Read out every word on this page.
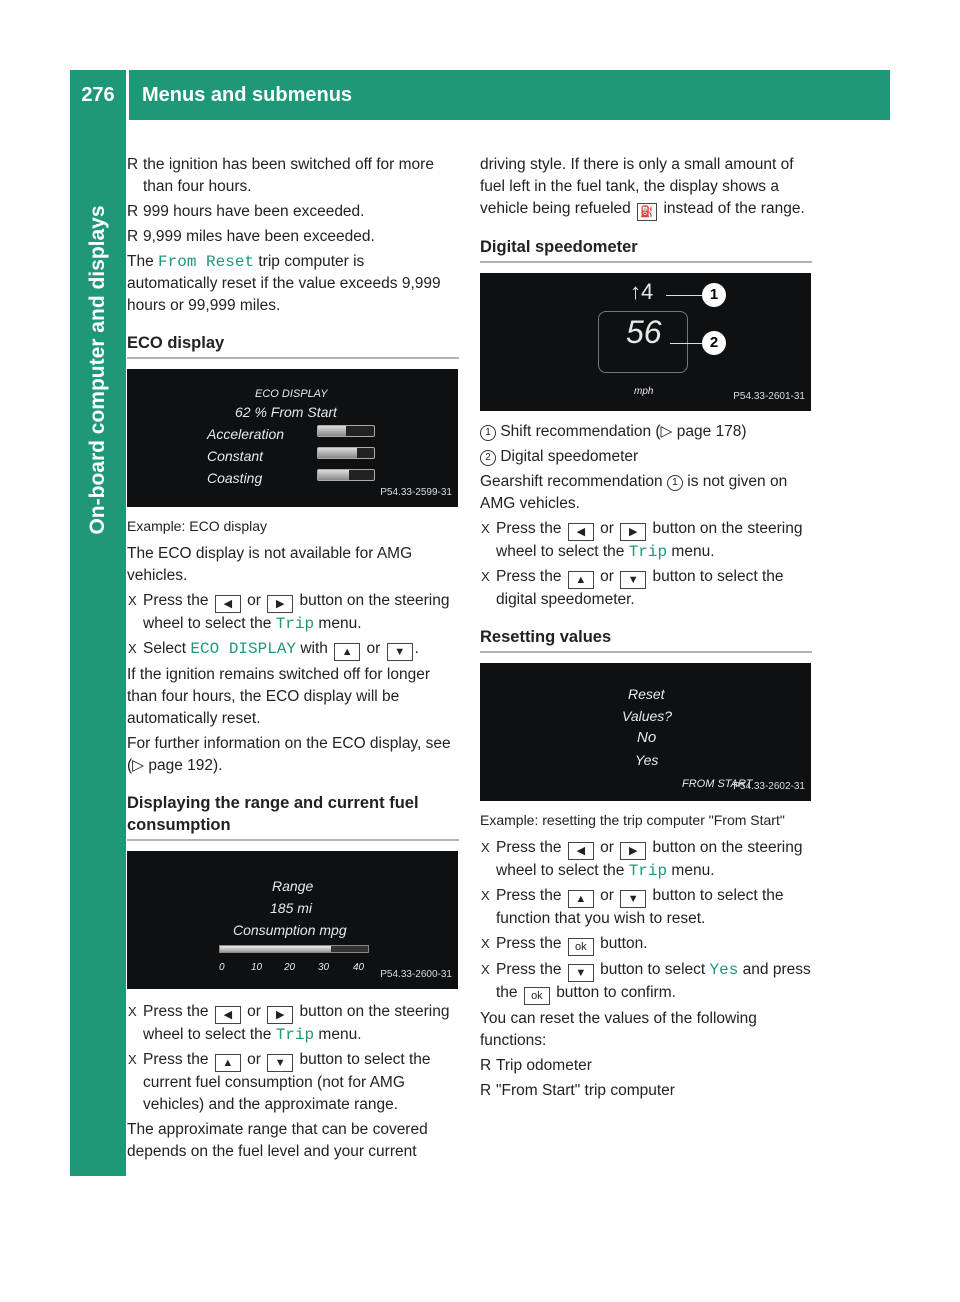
276	Menus and submenus
On-board computer and displays
R the ignition has been switched off for more than four hours.
R 999 hours have been exceeded.
R 9,999 miles have been exceeded.

The From Reset trip computer is automatically reset if the value exceeds 9,999 hours or 99,999 miles.

ECO display
ECO DISPLAY
62 % From Start
Acceleration
Constant
Coasting
P54.33-2599-31
Example: ECO display

The ECO display is not available for AMG vehicles.

X Press the ◀ or ▶ button on the steering wheel to select the Trip menu.
X Select ECO DISPLAY with ▲ or ▼ .

If the ignition remains switched off for longer than four hours, the ECO display will be automatically reset.

For further information on the ECO display, see (▷ page 192).

Displaying the range and current fuel consumption
Range
185 mi
Consumption mpg
0	10 20 30 40
P54.33-2600-31
X Press the ◀ or ▶ button on the steering wheel to select the Trip menu.
X Press the ▲ or ▼ button to select the current fuel consumption (not for AMG vehicles) and the approximate range.

The approximate range that can be covered depends on the fuel level and your current

driving style. If there is only a small amount of fuel left in the fuel tank, the display shows a vehicle being refueled ⛽ instead of the range.

Digital speedometer
↑4	1
56	2
mph	P54.33-2601-31

1 Shift recommendation (▷ page 178)

2 Digital speedometer

Gearshift recommendation 1 is not given on AMG vehicles.

X Press the ◀ or ▶ button on the steering wheel to select the Trip menu.
X Press the ▲ or ▼ button to select the digital speedometer.
Resetting values
Reset
Values?
No
Yes
FROM START
P54.33-2602-31
Example: resetting the trip computer "From Start"
X Press the ◀ or ▶ button on the steering wheel to select the Trip menu.
X Press the ▲ or ▼ button to select the function that you wish to reset.
X Press the ok button.
X Press the ▼ button to select Yes and press the ok button to confirm.

You can reset the values of the following functions:

R Trip odometer
R "From Start" trip computer
